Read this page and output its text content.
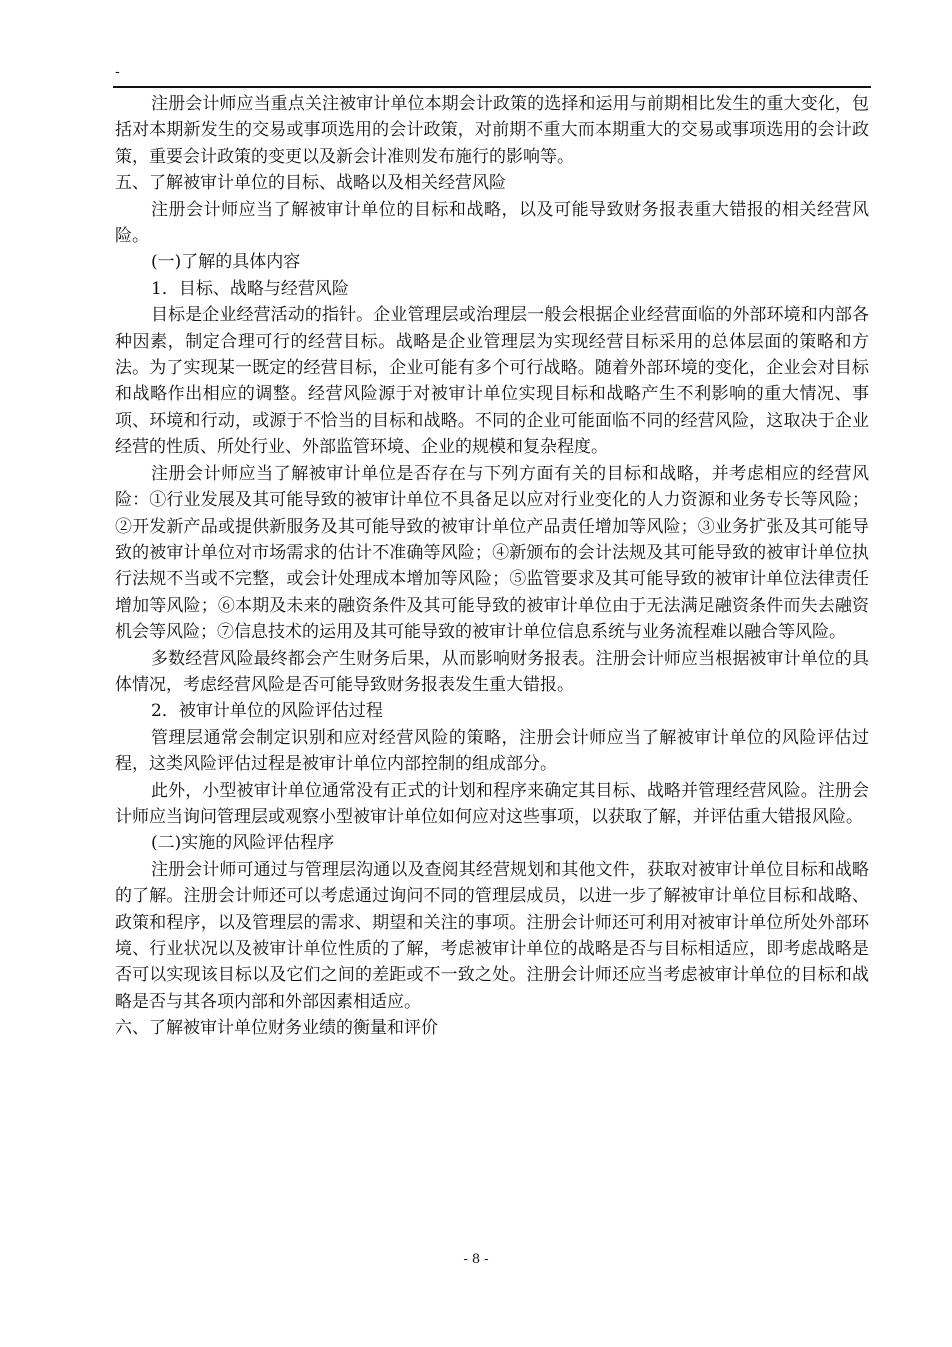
-

注册会计师应当重点关注被审计单位本期会计政策的选择和运用与前期相比发生的重大变化，包括对本期新发生的交易或事项选用的会计政策，对前期不重大而本期重大的交易或事项选用的会计政策，重要会计政策的变更以及新会计准则发布施行的影响等。

五、了解被审计单位的目标、战略以及相关经营风险

注册会计师应当了解被审计单位的目标和战略，以及可能导致财务报表重大错报的相关经营风险。

(一)了解的具体内容

1．目标、战略与经营风险

目标是企业经营活动的指针。企业管理层或治理层一般会根据企业经营面临的外部环境和内部各种因素，制定合理可行的经营目标。战略是企业管理层为实现经营目标采用的总体层面的策略和方法。为了实现某一既定的经营目标，企业可能有多个可行战略。随着外部环境的变化，企业会对目标和战略作出相应的调整。经营风险源于对被审计单位实现目标和战略产生不利影响的重大情况、事项、环境和行动，或源于不恰当的目标和战略。不同的企业可能面临不同的经营风险，这取决于企业经营的性质、所处行业、外部监管环境、企业的规模和复杂程度。

注册会计师应当了解被审计单位是否存在与下列方面有关的目标和战略，并考虑相应的经营风险：①行业发展及其可能导致的被审计单位不具备足以应对行业变化的人力资源和业务专长等风险；②开发新产品或提供新服务及其可能导致的被审计单位产品责任增加等风险；③业务扩张及其可能导致的被审计单位对市场需求的估计不准确等风险；④新颁布的会计法规及其可能导致的被审计单位执行法规不当或不完整，或会计处理成本增加等风险；⑤监管要求及其可能导致的被审计单位法律责任增加等风险；⑥本期及未来的融资条件及其可能导致的被审计单位由于无法满足融资条件而失去融资机会等风险；⑦信息技术的运用及其可能导致的被审计单位信息系统与业务流程难以融合等风险。

多数经营风险最终都会产生财务后果，从而影响财务报表。注册会计师应当根据被审计单位的具体情况，考虑经营风险是否可能导致财务报表发生重大错报。

2．被审计单位的风险评估过程

管理层通常会制定识别和应对经营风险的策略，注册会计师应当了解被审计单位的风险评估过程，这类风险评估过程是被审计单位内部控制的组成部分。

此外，小型被审计单位通常没有正式的计划和程序来确定其目标、战略并管理经营风险。注册会计师应当询问管理层或观察小型被审计单位如何应对这些事项，以获取了解，并评估重大错报风险。

(二)实施的风险评估程序

注册会计师可通过与管理层沟通以及查阅其经营规划和其他文件，获取对被审计单位目标和战略的了解。注册会计师还可以考虑通过询问不同的管理层成员，以进一步了解被审计单位目标和战略、政策和程序，以及管理层的需求、期望和关注的事项。注册会计师还可利用对被审计单位所处外部环境、行业状况以及被审计单位性质的了解，考虑被审计单位的战略是否与目标相适应，即考虑战略是否可以实现该目标以及它们之间的差距或不一致之处。注册会计师还应当考虑被审计单位的目标和战略是否与其各项内部和外部因素相适应。

六、了解被审计单位财务业绩的衡量和评价

- 8 -
